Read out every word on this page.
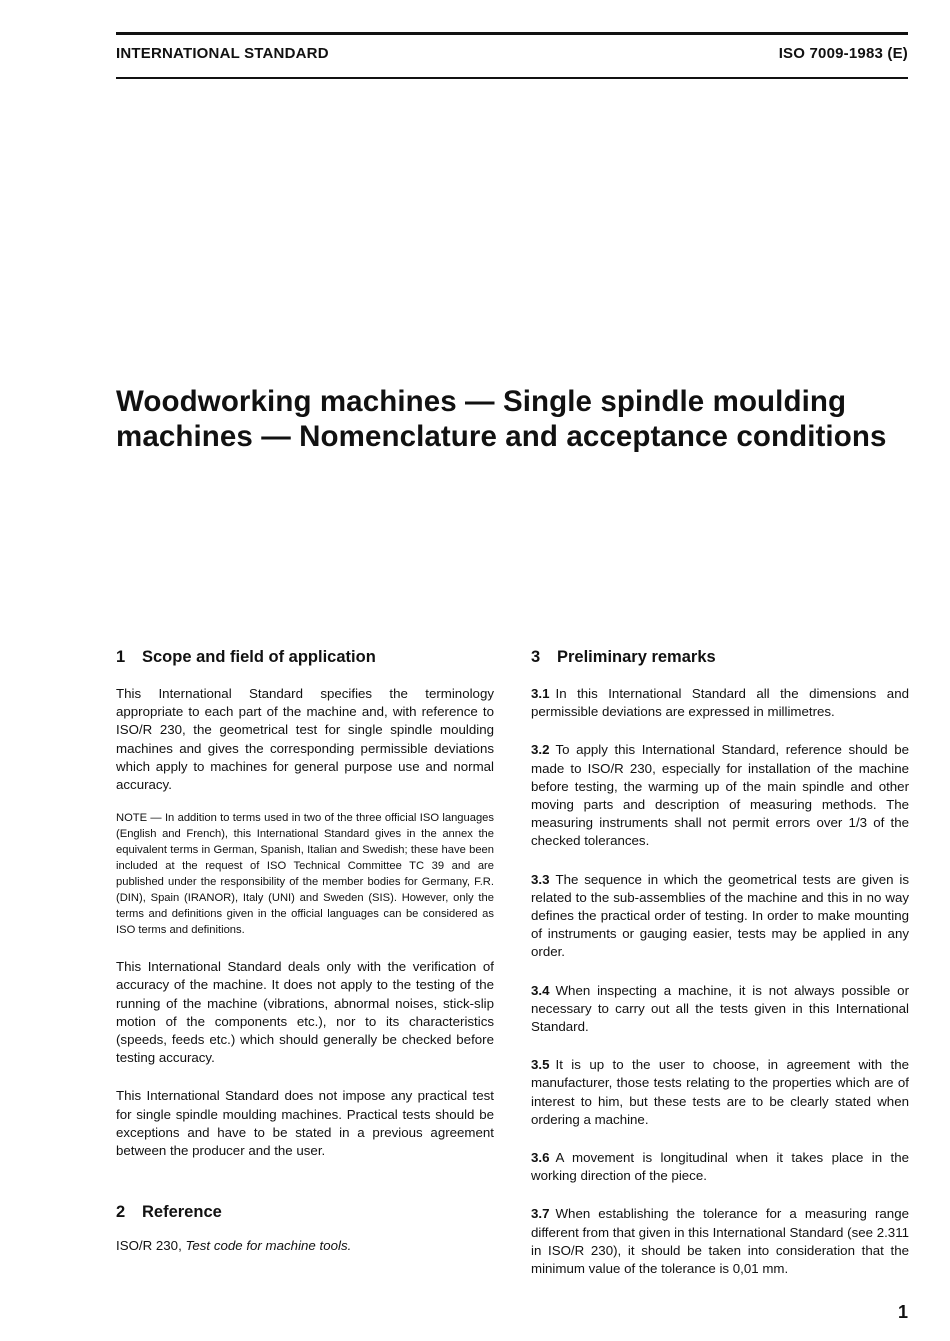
INTERNATIONAL STANDARD	ISO 7009-1983 (E)
Woodworking machines — Single spindle moulding
machines — Nomenclature and acceptance conditions
1 Scope and field of application

This International Standard specifies the terminology appropriate to each part of the machine and, with reference to ISO/R 230, the geometrical test for single spindle moulding machines and gives the corresponding permissible deviations which apply to machines for general purpose use and normal accuracy.

NOTE — In addition to terms used in two of the three official ISO languages (English and French), this International Standard gives in the annex the equivalent terms in German, Spanish, Italian and Swedish; these have been included at the request of ISO Technical Committee TC 39 and are published under the responsibility of the member bodies for Germany, F.R. (DIN), Spain (IRANOR), Italy (UNI) and Sweden (SIS). However, only the terms and definitions given in the official languages can be considered as ISO terms and definitions.

This International Standard deals only with the verification of accuracy of the machine. It does not apply to the testing of the running of the machine (vibrations, abnormal noises, stick-slip motion of the components etc.), nor to its characteristics (speeds, feeds etc.) which should generally be checked before testing accuracy.

This International Standard does not impose any practical test for single spindle moulding machines. Practical tests should be exceptions and have to be stated in a previous agreement between the producer and the user.

2 Reference

ISO/R 230, Test code for machine tools.

3 Preliminary remarks

3.1 In this International Standard all the dimensions and permissible deviations are expressed in millimetres.

3.2 To apply this International Standard, reference should be made to ISO/R 230, especially for installation of the machine before testing, the warming up of the main spindle and other moving parts and description of measuring methods. The measuring instruments shall not permit errors over 1/3 of the checked tolerances.

3.3 The sequence in which the geometrical tests are given is related to the sub-assemblies of the machine and this in no way defines the practical order of testing. In order to make mounting of instruments or gauging easier, tests may be applied in any order.

3.4 When inspecting a machine, it is not always possible or necessary to carry out all the tests given in this International Standard.

3.5 It is up to the user to choose, in agreement with the manufacturer, those tests relating to the properties which are of interest to him, but these tests are to be clearly stated when ordering a machine.

3.6 A movement is longitudinal when it takes place in the working direction of the piece.

3.7 When establishing the tolerance for a measuring range different from that given in this International Standard (see 2.311 in ISO/R 230), it should be taken into consideration that the minimum value of the tolerance is 0,01 mm.

1
